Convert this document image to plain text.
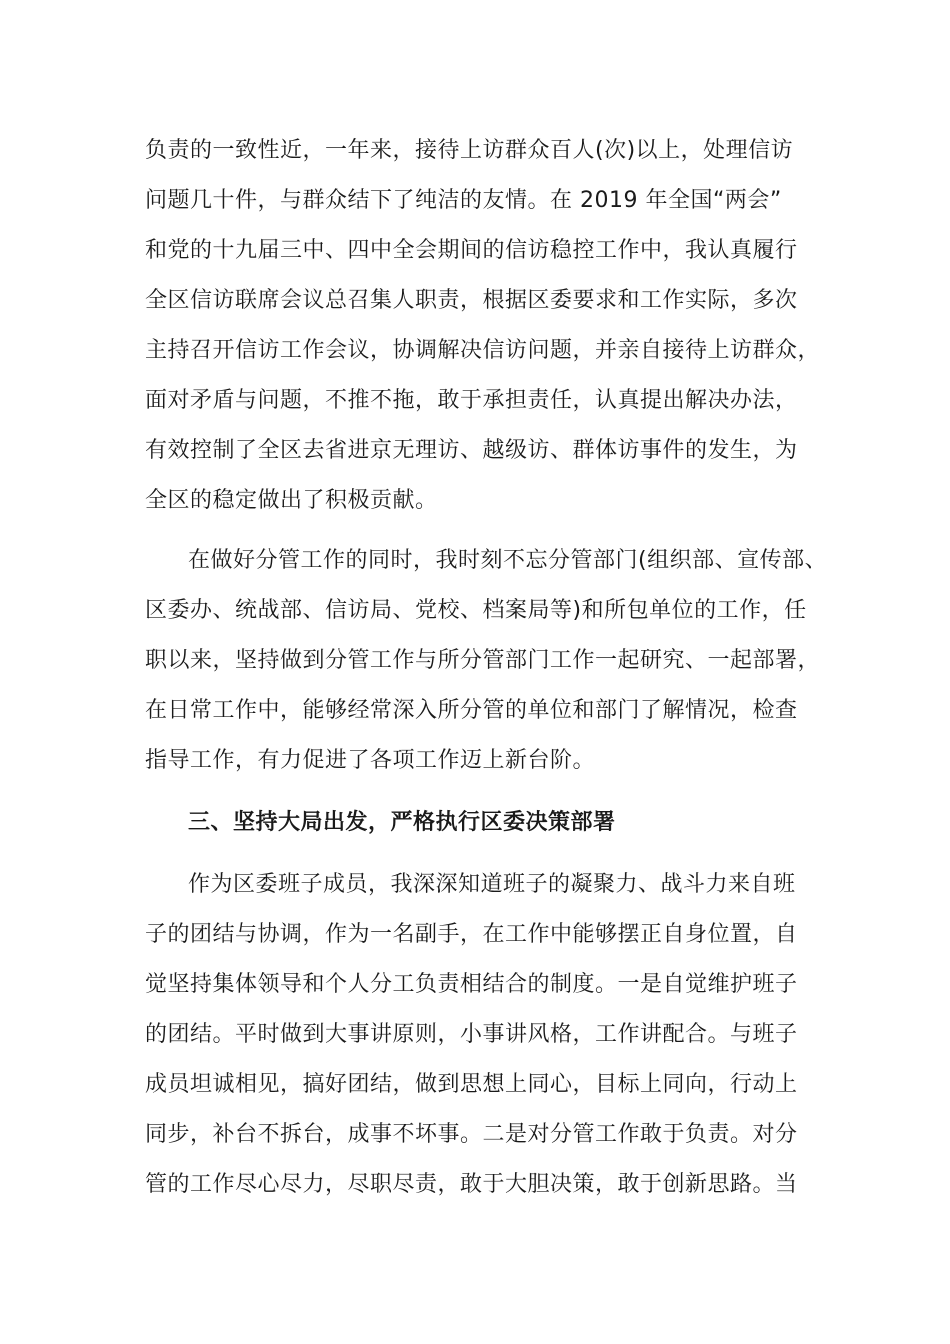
负责的一致性近，一年来，接待上访群众百人(次)以上，处理信访
问题几十件，与群众结下了纯洁的友情。在 2019 年全国“两会”
和党的十九届三中、四中全会期间的信访稳控工作中，我认真履行
全区信访联席会议总召集人职责，根据区委要求和工作实际，多次
主持召开信访工作会议，协调解决信访问题，并亲自接待上访群众，
面对矛盾与问题，不推不拖，敢于承担责任，认真提出解决办法，
有效控制了全区去省进京无理访、越级访、群体访事件的发生，为
全区的稳定做出了积极贡献。
在做好分管工作的同时，我时刻不忘分管部门(组织部、宣传部、
区委办、统战部、信访局、党校、档案局等)和所包单位的工作，任
职以来，坚持做到分管工作与所分管部门工作一起研究、一起部署，
在日常工作中，能够经常深入所分管的单位和部门了解情况，检查
指导工作，有力促进了各项工作迈上新台阶。
三、坚持大局出发，严格执行区委决策部署
作为区委班子成员，我深深知道班子的凝聚力、战斗力来自班
子的团结与协调，作为一名副手，在工作中能够摆正自身位置，自
觉坚持集体领导和个人分工负责相结合的制度。一是自觉维护班子
的团结。平时做到大事讲原则，小事讲风格，工作讲配合。与班子
成员坦诚相见，搞好团结，做到思想上同心，目标上同向，行动上
同步，补台不拆台，成事不坏事。二是对分管工作敢于负责。对分
管的工作尽心尽力，尽职尽责，敢于大胆决策，敢于创新思路。当
